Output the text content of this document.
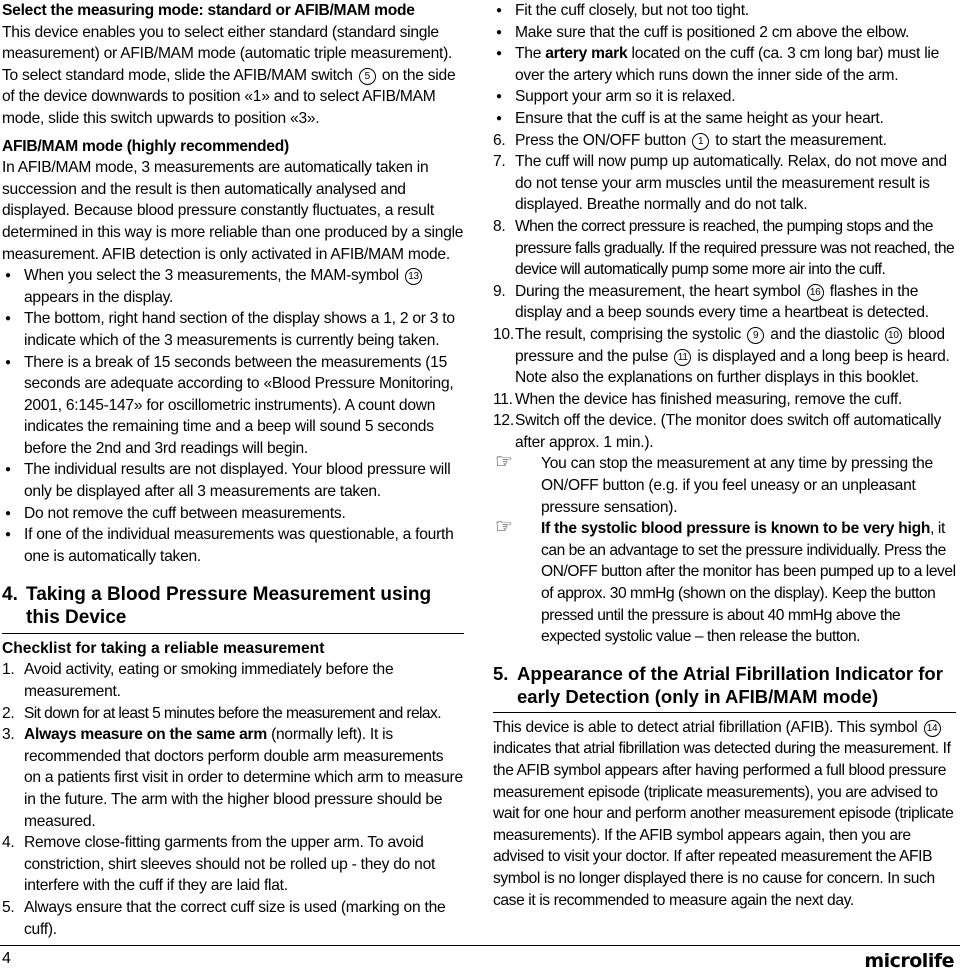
Select the measuring mode: standard or AFIB/MAM mode

This device enables you to select either standard (standard single measurement) or AFIB/MAM mode (automatic triple measurement). To select standard mode, slide the AFIB/MAM switch 5 on the side of the device downwards to position «1» and to select AFIB/MAM mode, slide this switch upwards to position «3».

AFIB/MAM mode (highly recommended)

In AFIB/MAM mode, 3 measurements are automatically taken in succession and the result is then automatically analysed and displayed. Because blood pressure constantly fluctuates, a result determined in this way is more reliable than one produced by a single measurement. AFIB detection is only activated in AFIB/MAM mode.

● When you select the 3 measurements, the MAM-symbol 13 appears in the display.

● The bottom, right hand section of the display shows a 1, 2 or 3 to indicate which of the 3 measurements is currently being taken.

● There is a break of 15 seconds between the measurements (15 seconds are adequate according to «Blood Pressure Monitoring, 2001, 6:145-147» for oscillometric instruments). A count down indicates the remaining time and a beep will sound 5 seconds before the 2nd and 3rd readings will begin.

● The individual results are not displayed. Your blood pressure will only be displayed after all 3 measurements are taken.

● Do not remove the cuff between measurements.

● If one of the individual measurements was questionable, a fourth one is automatically taken.

4. Taking a Blood Pressure Measurement using this Device

Checklist for taking a reliable measurement

1. Avoid activity, eating or smoking immediately before the measurement.

2. Sit down for at least 5 minutes before the measurement and relax.

3. Always measure on the same arm (normally left). It is recommended that doctors perform double arm measurements on a patients first visit in order to determine which arm to measure in the future. The arm with the higher blood pressure should be measured.

4. Remove close-fitting garments from the upper arm. To avoid constriction, shirt sleeves should not be rolled up - they do not interfere with the cuff if they are laid flat.

5. Always ensure that the correct cuff size is used (marking on the cuff).

● Fit the cuff closely, but not too tight.

● Make sure that the cuff is positioned 2 cm above the elbow.

● The artery mark located on the cuff (ca. 3 cm long bar) must lie over the artery which runs down the inner side of the arm.

● Support your arm so it is relaxed.

● Ensure that the cuff is at the same height as your heart.

6. Press the ON/OFF button 1 to start the measurement.

7. The cuff will now pump up automatically. Relax, do not move and do not tense your arm muscles until the measurement result is displayed. Breathe normally and do not talk.

8. When the correct pressure is reached, the pumping stops and the pressure falls gradually. If the required pressure was not reached, the device will automatically pump some more air into the cuff.

9. During the measurement, the heart symbol 16 flashes in the display and a beep sounds every time a heartbeat is detected.

10. The result, comprising the systolic 9 and the diastolic 10 blood pressure and the pulse 11 is displayed and a long beep is heard. Note also the explanations on further displays in this booklet.

11. When the device has finished measuring, remove the cuff.

12. Switch off the device. (The monitor does switch off automatically after approx. 1 min.).

☞ You can stop the measurement at any time by pressing the ON/OFF button (e.g. if you feel uneasy or an unpleasant pressure sensation).

☞ If the systolic blood pressure is known to be very high, it can be an advantage to set the pressure individually. Press the ON/OFF button after the monitor has been pumped up to a level of approx. 30 mmHg (shown on the display). Keep the button pressed until the pressure is about 40 mmHg above the expected systolic value – then release the button.

5. Appearance of the Atrial Fibrillation Indicator for early Detection (only in AFIB/MAM mode)

This device is able to detect atrial fibrillation (AFIB). This symbol 14 indicates that atrial fibrillation was detected during the measurement. If the AFIB symbol appears after having performed a full blood pressure measurement episode (triplicate measurements), you are advised to wait for one hour and perform another measurement episode (triplicate measurements). If the AFIB symbol appears again, then you are advised to visit your doctor. If after repeated measurement the AFIB symbol is no longer displayed there is no cause for concern. In such case it is recommended to measure again the next day.

4	microlife
